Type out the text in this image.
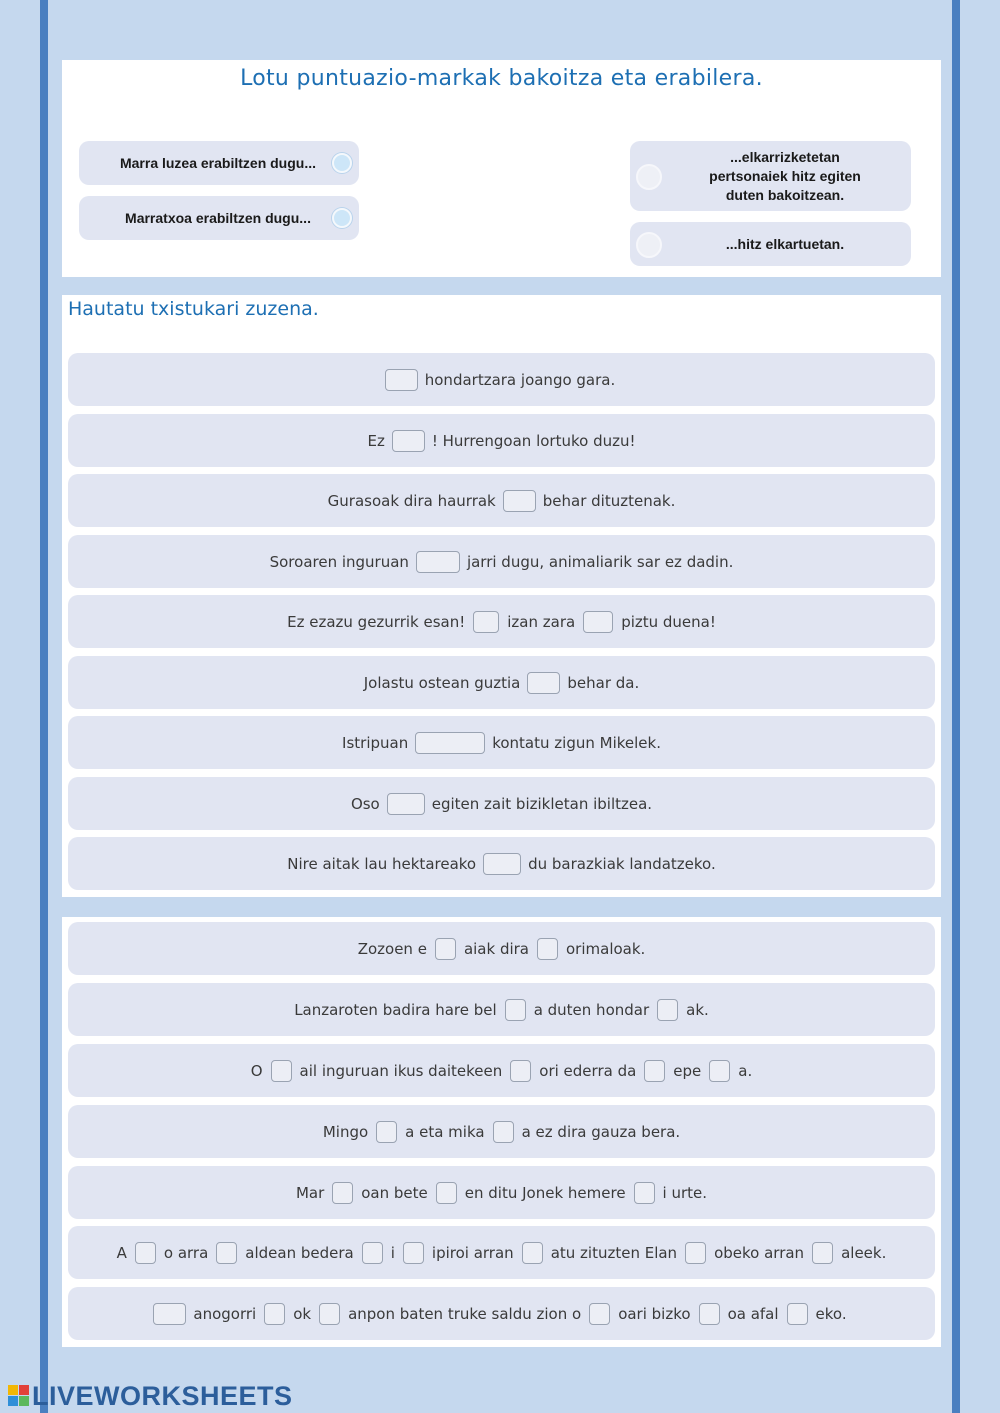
Lotu puntuazio-markak bakoitza eta erabilera.
Marra luzea erabiltzen dugu...
Marratxoa erabiltzen dugu...
...elkarrizketetan pertsonaiek hitz egiten duten bakoitzean.
...hitz elkartuetan.
Hautatu txistukari zuzena.
hondartzara joango gara.
Ez	! Hurrengoan lortuko duzu!
Gurasoak dira haurrak	behar dituztenak.
Soroaren inguruan	jarri dugu, animaliarik sar ez dadin.
Ez ezazu gezurrik esan!	izan zara	piztu duena!
Jolastu ostean guztia	behar da.
Istripuan	kontatu zigun Mikelek.
Oso	egiten zait bizikletan ibiltzea.
Nire aitak lau hektareako	du barazkiak landatzeko.
Zozoen e aiak dira orimaloak.
Lanzaroten badira hare bel a duten hondar ak.
O ail inguruan ikus daitekeen ori ederra da epe a.
Mingo a eta mika a ez dira gauza bera.
Mar oan bete en ditu Jonek hemere i urte.
A o arra aldean bedera i ipiroi arran atu zituzten Elan obeko arran aleek.
anogorri ok anpon baten truke saldu zion o oari bizko oa afal eko.
LIVEWORKSHEETS
